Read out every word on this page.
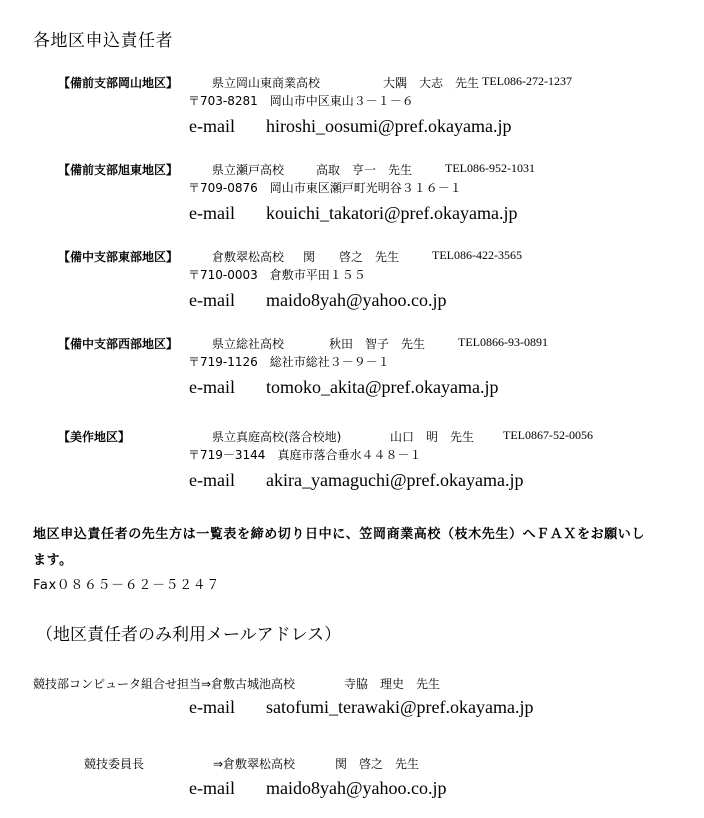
各地区申込責任者
【備前支部岡山地区】	県立岡山東商業高校	大隅　大志　先生 TEL086-272-1237
〒703-8281　岡山市中区東山３－１－６
e-mail hiroshi_oosumi@pref.okayama.jp
【備前支部旭東地区】	県立瀬戸高校	高取　亨一　先生	TEL086-952-1031
〒709-0876　岡山市東区瀬戸町光明谷３１６－１
e-mail kouichi_takatori@pref.okayama.jp
【備中支部東部地区】	倉敷翠松高校 関　　啓之　先生	TEL086-422-3565
〒710-0003　倉敷市平田１５５
e-mail maido8yah@yahoo.co.jp
【備中支部西部地区】	県立総社高校	秋田　智子　先生	TEL0866-93-0891
〒719-1126　総社市総社３－９－１
e-mail tomoko_akita@pref.okayama.jp
【美作地区】	県立真庭高校(落合校地)	山口　明　先生 TEL0867-52-0056
〒719－3144　真庭市落合垂水４４８－１
e-mail akira_yamaguchi@pref.okayama.jp
地区申込責任者の先生方は一覧表を締め切り日中に、笠岡商業高校（枝木先生）へＦＡＸをお願いし
ます。
Fax０８６５－６２－５２４７
（地区責任者のみ利用メールアドレス）
競技部コンピュータ組合せ担当⇒倉敷古城池高校	寺脇　理史　先生
e-mail satofumi_terawaki@pref.okayama.jp
競技委員長	⇒倉敷翠松高校	関　啓之　先生
e-mail maido8yah@yahoo.co.jp
